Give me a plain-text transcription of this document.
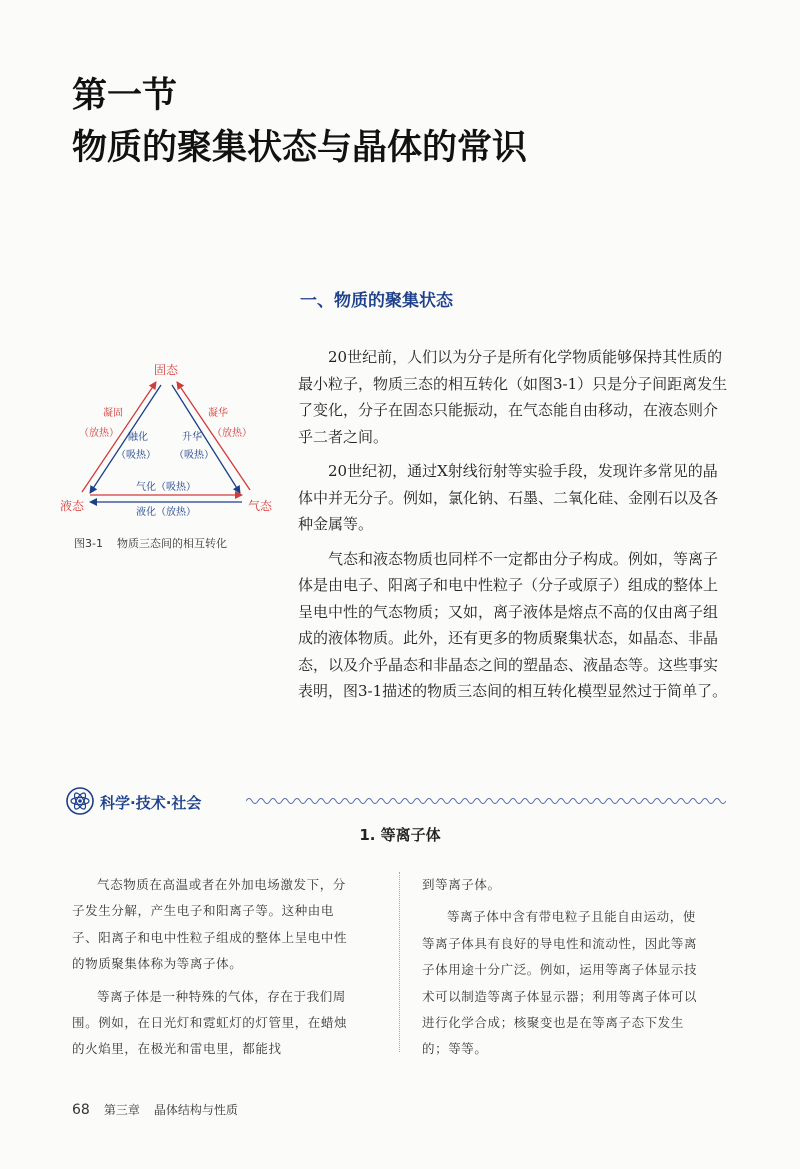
第一节
物质的聚集状态与晶体的常识
一、物质的聚集状态
固态
液态	气态
凝固
（放热） 融化
（吸热）
升华
（吸热）
凝华
（放热）
气化（吸热）
液化（放热）

图3-1 物质三态间的相互转化

20世纪前，人们以为分子是所有化学物质能够保持其性质的最小粒子，物质三态的相互转化（如图3-1）只是分子间距离发生了变化，分子在固态只能振动，在气态能自由移动，在液态则介乎二者之间。

20世纪初，通过X射线衍射等实验手段，发现许多常见的晶体中并无分子。例如，氯化钠、石墨、二氧化硅、金刚石以及各种金属等。

气态和液态物质也同样不一定都由分子构成。例如，等离子体是由电子、阳离子和电中性粒子（分子或原子）组成的整体上呈电中性的气态物质；又如，离子液体是熔点不高的仅由离子组成的液体物质。此外，还有更多的物质聚集状态，如晶态、非晶态，以及介乎晶态和非晶态之间的塑晶态、液晶态等。这些事实表明，图3-1描述的物质三态间的相互转化模型显然过于简单了。

科学·技术·社会

1. 等离子体

气态物质在高温或者在外加电场激发下，分子发生分解，产生电子和阳离子等。这种由电子、阳离子和电中性粒子组成的整体上呈电中性的物质聚集体称为等离子体。

等离子体是一种特殊的气体，存在于我们周围。例如，在日光灯和霓虹灯的灯管里，在蜡烛的火焰里，在极光和雷电里，都能找

到等离子体。

等离子体中含有带电粒子且能自由运动，使等离子体具有良好的导电性和流动性，因此等离子体用途十分广泛。例如，运用等离子体显示技术可以制造等离子体显示器；利用等离子体可以进行化学合成；核聚变也是在等离子态下发生的；等等。

68 第三章 晶体结构与性质
